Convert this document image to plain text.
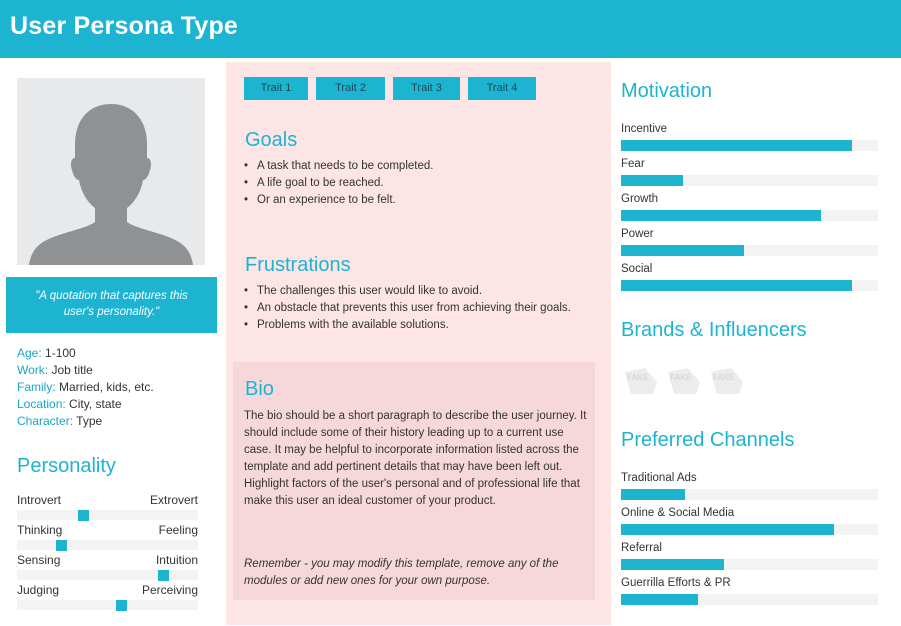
User Persona Type
"A quotation that captures this user's personality."
Age: 1-100
Work: Job title
Family: Married, kids, etc.
Location: City, state
Character: Type
Personality
Introvert	Extrovert
Thinking	Feeling
Sensing	Intuition
Judging	Perceiving
Trait 1	Trait 2	Trait 3	Trait 4
Goals
• A task that needs to be completed.
• A life goal to be reached.
• Or an experience to be felt.
Frustrations
• The challenges this user would like to avoid.
• An obstacle that prevents this user from achieving their goals.
• Problems with the available solutions.
Bio
The bio should be a short paragraph to describe the user journey. It should include some of their history leading up to a current use case. It may be helpful to incorporate information listed across the template and add pertinent details that may have been left out. Highlight factors of the user's personal and of professional life that make this user an ideal customer of your product.
Remember - you may modify this template, remove any of the modules or add new ones for your own purpose.
Motivation
Incentive
Fear
Growth
Power
Social
Brands & Influencers
FAKE	FAKE	FAKE
Preferred Channels
Traditional Ads
Online & Social Media
Referral
Guerrilla Efforts & PR
